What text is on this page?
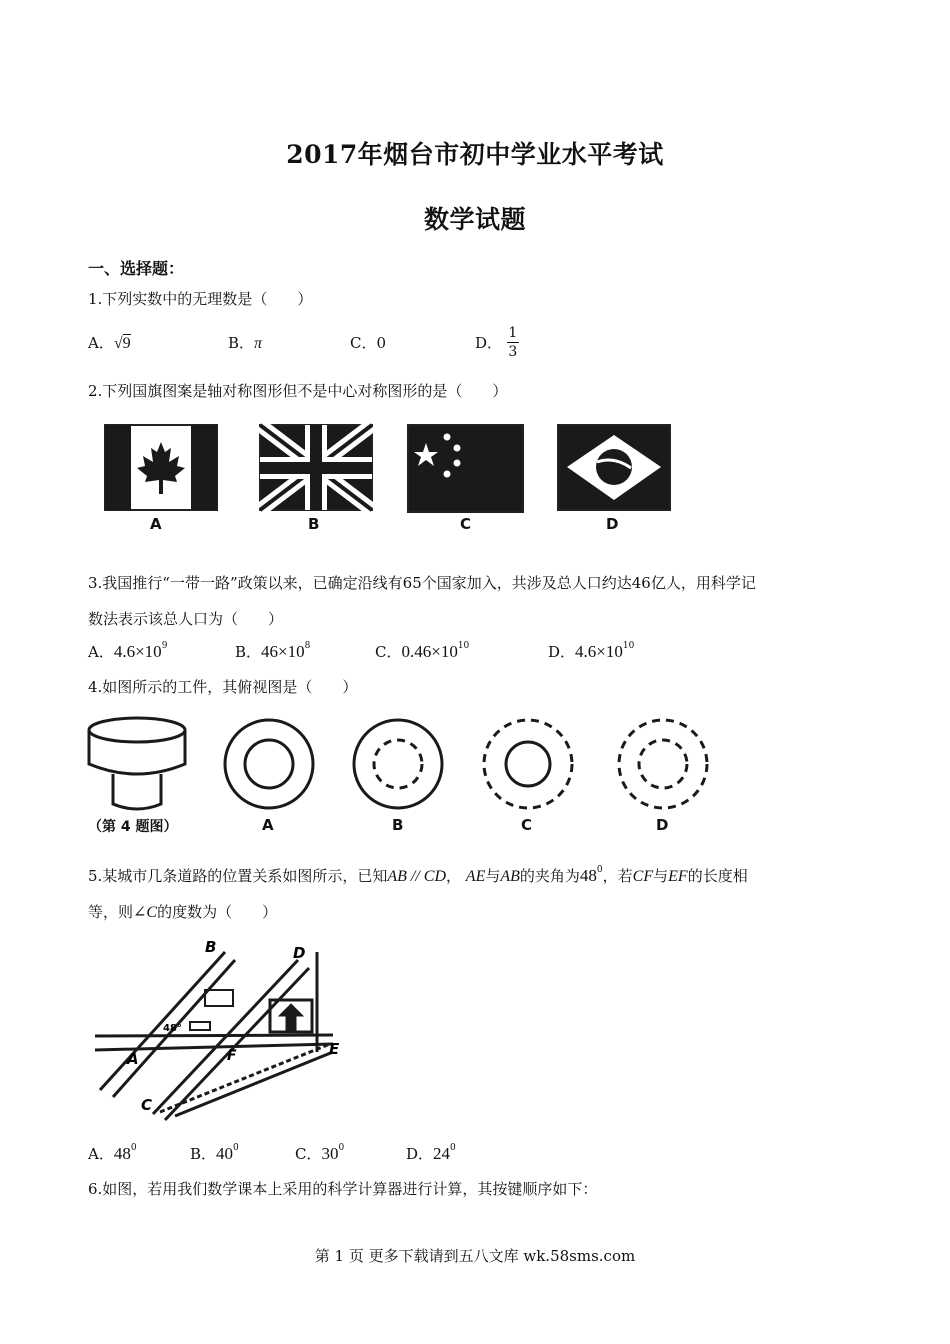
2017年烟台市初中学业水平考试
数学试题
一、选择题：
1.下列实数中的无理数是（　　）
A．√9	B．π	C．0	D． $\frac{1}{3}$
2.下列国旗图案是轴对称图形但不是中心对称图形的是（　　）
A	B	C	D
3.我国推行“一带一路”政策以来，已确定沿线有65个国家加入，共涉及总人口约达46亿人，用科学记
数法表示该总人口为（　　）
A．$4.6\times 10^9$	B．$46\times 10^8$	C．$0.46\times 10^{10}$	D．$4.6\times 10^{10}$
4.如图所示的工件，其俯视图是（　　）
（第 4 题图）	A	B	C	D
5.某城市几条道路的位置关系如图所示，已知AB // CD， AE与AB的夹角为$48^0$，若CF与EF的长度相
等，则∠C的度数为（　　）
B	D
A	F	E
C
48°
A．$48^0$	B．$40^0$	C．$30^0$	D．$24^0$
6.如图，若用我们数学课本上采用的科学计算器进行计算，其按键顺序如下：
第 1 页 更多下载请到五八文库 wk.58sms.com
